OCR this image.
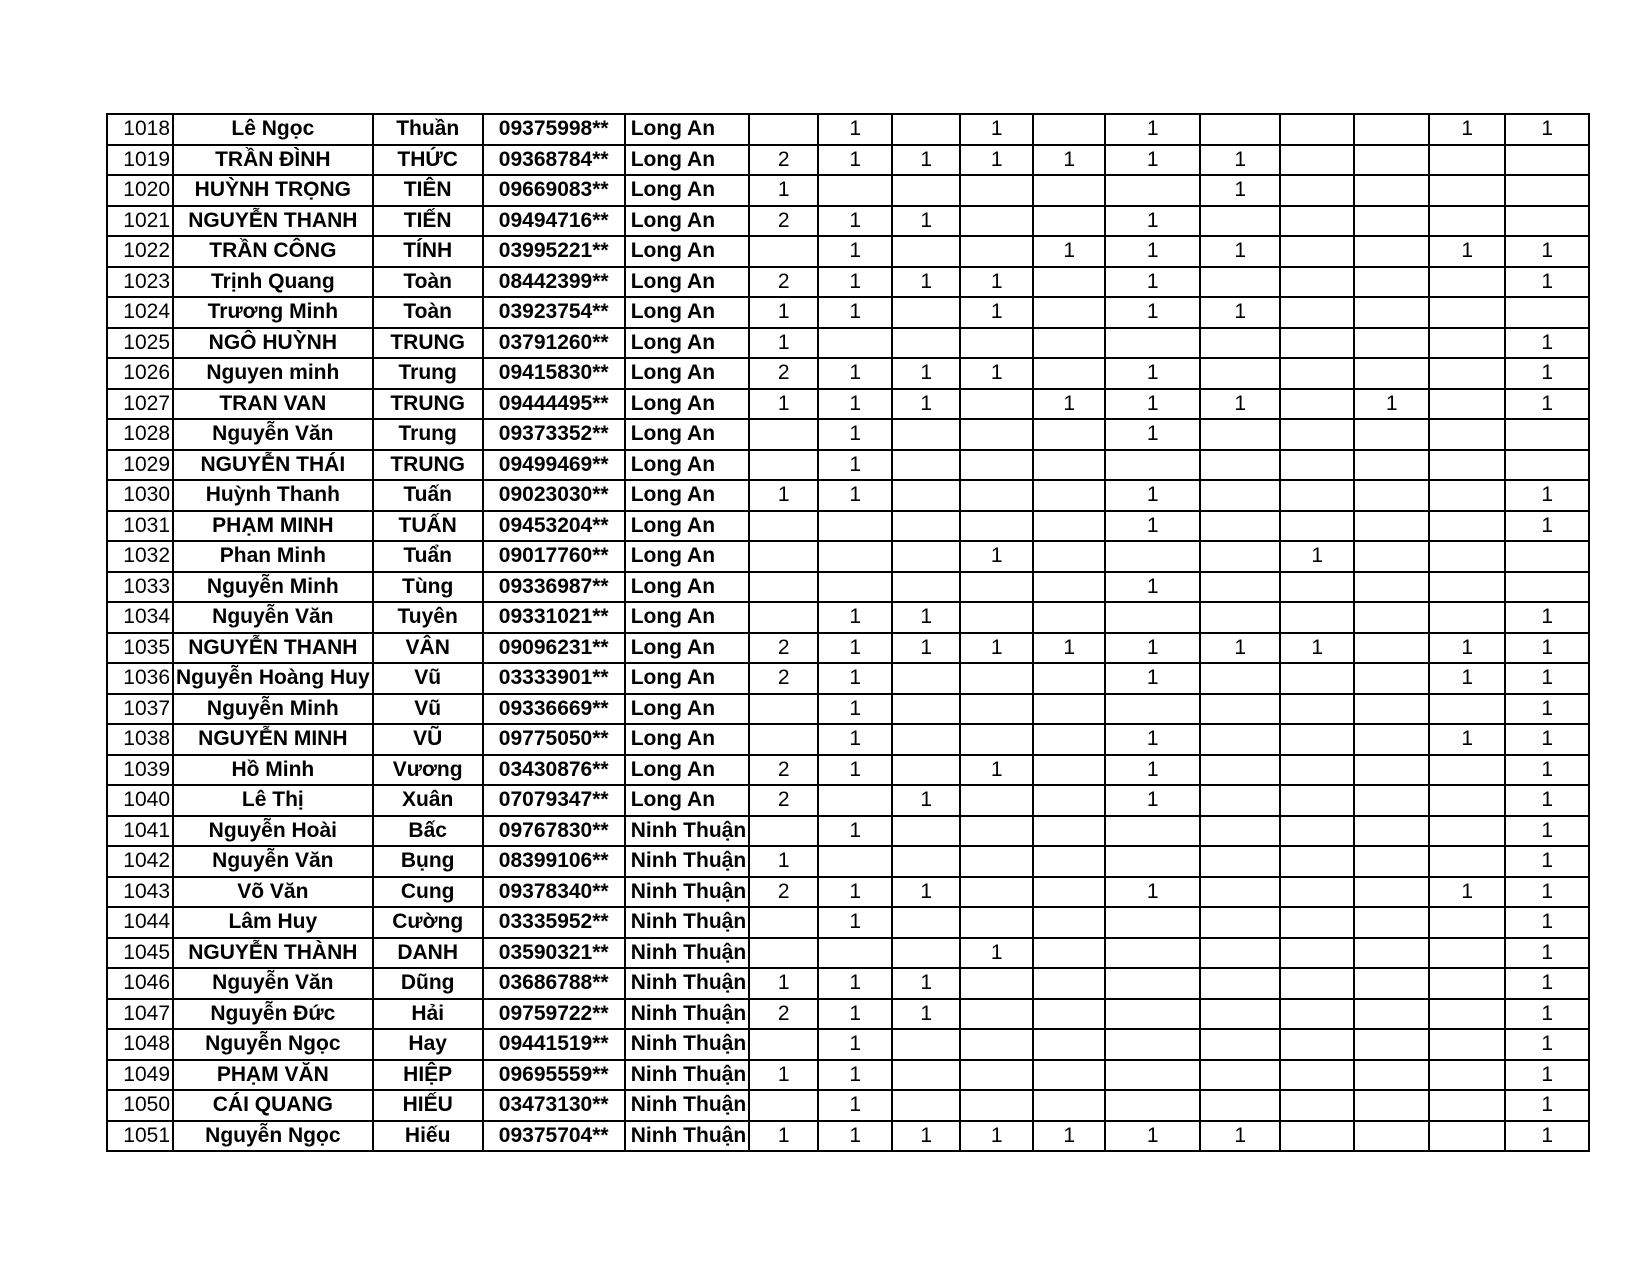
1018	Lê Ngọc	Thuần	09375998**	Long An		1		1		1				1	1
1019	TRẦN ĐÌNH	THỨC	09368784**	Long An	2	1	1	1	1	1	1				
1020	HUỲNH TRỌNG	TIÊN	09669083**	Long An	1						1				
1021	NGUYỄN THANH	TIẾN	09494716**	Long An	2	1	1			1					
1022	TRẦN CÔNG	TÍNH	03995221**	Long An		1			1	1	1			1	1
1023	Trịnh Quang	Toàn	08442399**	Long An	2	1	1	1		1					1
1024	Trương Minh	Toàn	03923754**	Long An	1	1		1		1	1				
1025	NGÔ HUỲNH	TRUNG	03791260**	Long An	1										1
1026	Nguyen minh	Trung	09415830**	Long An	2	1	1	1		1					1
1027	TRAN VAN	TRUNG	09444495**	Long An	1	1	1		1	1	1		1		1
1028	Nguyễn Văn	Trung	09373352**	Long An		1				1					
1029	NGUYỄN THÁI	TRUNG	09499469**	Long An		1									
1030	Huỳnh Thanh	Tuấn	09023030**	Long An	1	1				1					1
1031	PHẠM MINH	TUẤN	09453204**	Long An						1					1
1032	Phan Minh	Tuẩn	09017760**	Long An				1				1			
1033	Nguyễn Minh	Tùng	09336987**	Long An						1					
1034	Nguyễn Văn	Tuyên	09331021**	Long An		1	1								1
1035	NGUYỄN THANH	VÂN	09096231**	Long An	2	1	1	1	1	1	1	1		1	1
1036	Nguyễn Hoàng Huy	Vũ	03333901**	Long An	2	1				1				1	1
1037	Nguyễn Minh	Vũ	09336669**	Long An		1									1
1038	NGUYỄN MINH	VŨ	09775050**	Long An		1				1				1	1
1039	Hồ Minh	Vương	03430876**	Long An	2	1		1		1					1
1040	Lê Thị	Xuân	07079347**	Long An	2		1			1					1
1041	Nguyễn Hoài	Bấc	09767830**	Ninh Thuận		1									1
1042	Nguyễn Văn	Bụng	08399106**	Ninh Thuận	1										1
1043	Võ Văn	Cung	09378340**	Ninh Thuận	2	1	1			1				1	1
1044	Lâm Huy	Cường	03335952**	Ninh Thuận		1									1
1045	NGUYỄN THÀNH	DANH	03590321**	Ninh Thuận				1							1
1046	Nguyễn Văn	Dũng	03686788**	Ninh Thuận	1	1	1								1
1047	Nguyễn Đức	Hải	09759722**	Ninh Thuận	2	1	1								1
1048	Nguyễn Ngọc	Hay	09441519**	Ninh Thuận		1									1
1049	PHẠM VĂN	HIỆP	09695559**	Ninh Thuận	1	1									1
1050	CÁI QUANG	HIẾU	03473130**	Ninh Thuận		1									1
1051	Nguyễn Ngọc	Hiếu	09375704**	Ninh Thuận	1	1	1	1	1	1	1				1
